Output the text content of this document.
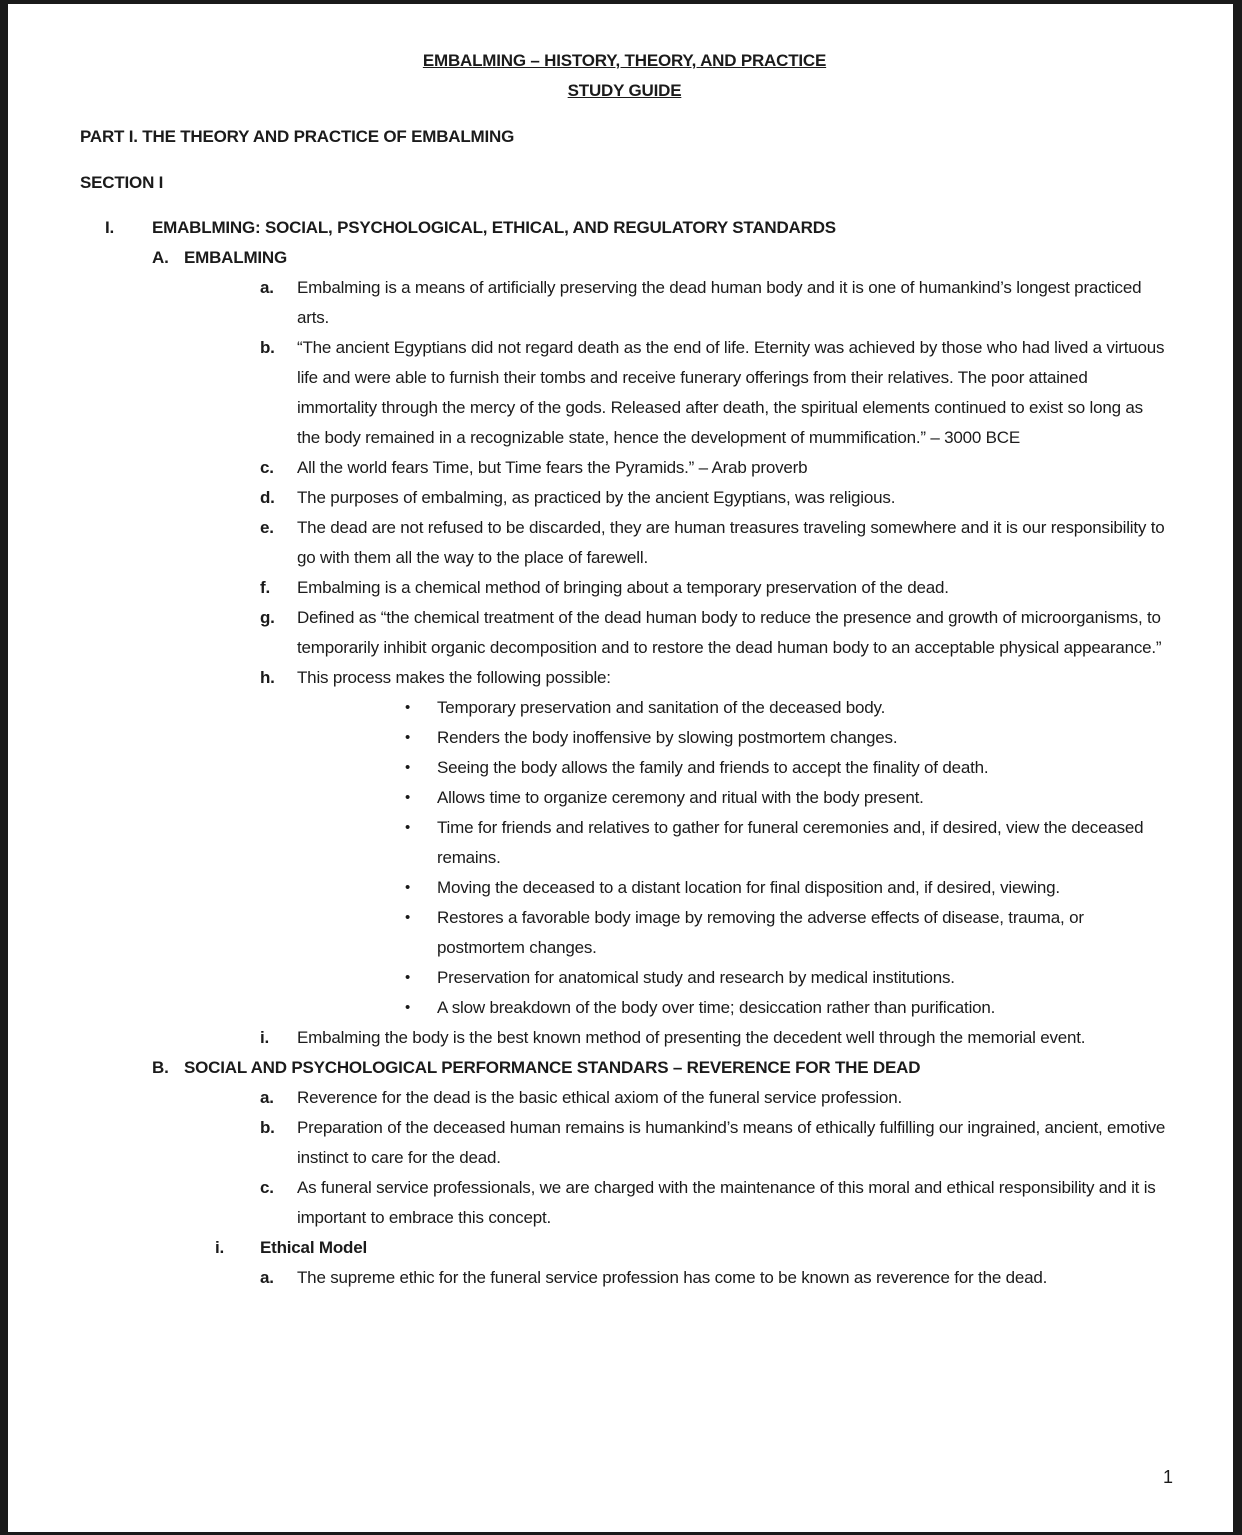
EMBALMING – HISTORY, THEORY, AND PRACTICE
STUDY GUIDE
PART I. THE THEORY AND PRACTICE OF EMBALMING
SECTION I
I.	EMABLMING: SOCIAL, PSYCHOLOGICAL, ETHICAL, AND REGULATORY STANDARDS
A. EMBALMING
a.	Embalming is a means of artificially preserving the dead human body and it is one of humankind’s longest practiced arts.
b.	“The ancient Egyptians did not regard death as the end of life. Eternity was achieved by those who had lived a virtuous life and were able to furnish their tombs and receive funerary offerings from their relatives. The poor attained immortality through the mercy of the gods. Released after death, the spiritual elements continued to exist so long as the body remained in a recognizable state, hence the development of mummification.” – 3000 BCE
c.	All the world fears Time, but Time fears the Pyramids.” – Arab proverb
d.	The purposes of embalming, as practiced by the ancient Egyptians, was religious.
e.	The dead are not refused to be discarded, they are human treasures traveling somewhere and it is our responsibility to go with them all the way to the place of farewell.
f.	Embalming is a chemical method of bringing about a temporary preservation of the dead.
g.	Defined as “the chemical treatment of the dead human body to reduce the presence and growth of microorganisms, to temporarily inhibit organic decomposition and to restore the dead human body to an acceptable physical appearance.”
h.	This process makes the following possible:
•	Temporary preservation and sanitation of the deceased body.
•	Renders the body inoffensive by slowing postmortem changes.
•	Seeing the body allows the family and friends to accept the finality of death.
•	Allows time to organize ceremony and ritual with the body present.
•	Time for friends and relatives to gather for funeral ceremonies and, if desired, view the deceased remains.
•	Moving the deceased to a distant location for final disposition and, if desired, viewing.
•	Restores a favorable body image by removing the adverse effects of disease, trauma, or postmortem changes.
•	Preservation for anatomical study and research by medical institutions.
•	A slow breakdown of the body over time; desiccation rather than purification.
i.	Embalming the body is the best known method of presenting the decedent well through the memorial event.
B. SOCIAL AND PSYCHOLOGICAL PERFORMANCE STANDARS – REVERENCE FOR THE DEAD
a.	Reverence for the dead is the basic ethical axiom of the funeral service profession.
b.	Preparation of the deceased human remains is humankind’s means of ethically fulfilling our ingrained, ancient, emotive instinct to care for the dead.
c.	As funeral service professionals, we are charged with the maintenance of this moral and ethical responsibility and it is important to embrace this concept.
i.	Ethical Model
a.	The supreme ethic for the funeral service profession has come to be known as reverence for the dead.
1
